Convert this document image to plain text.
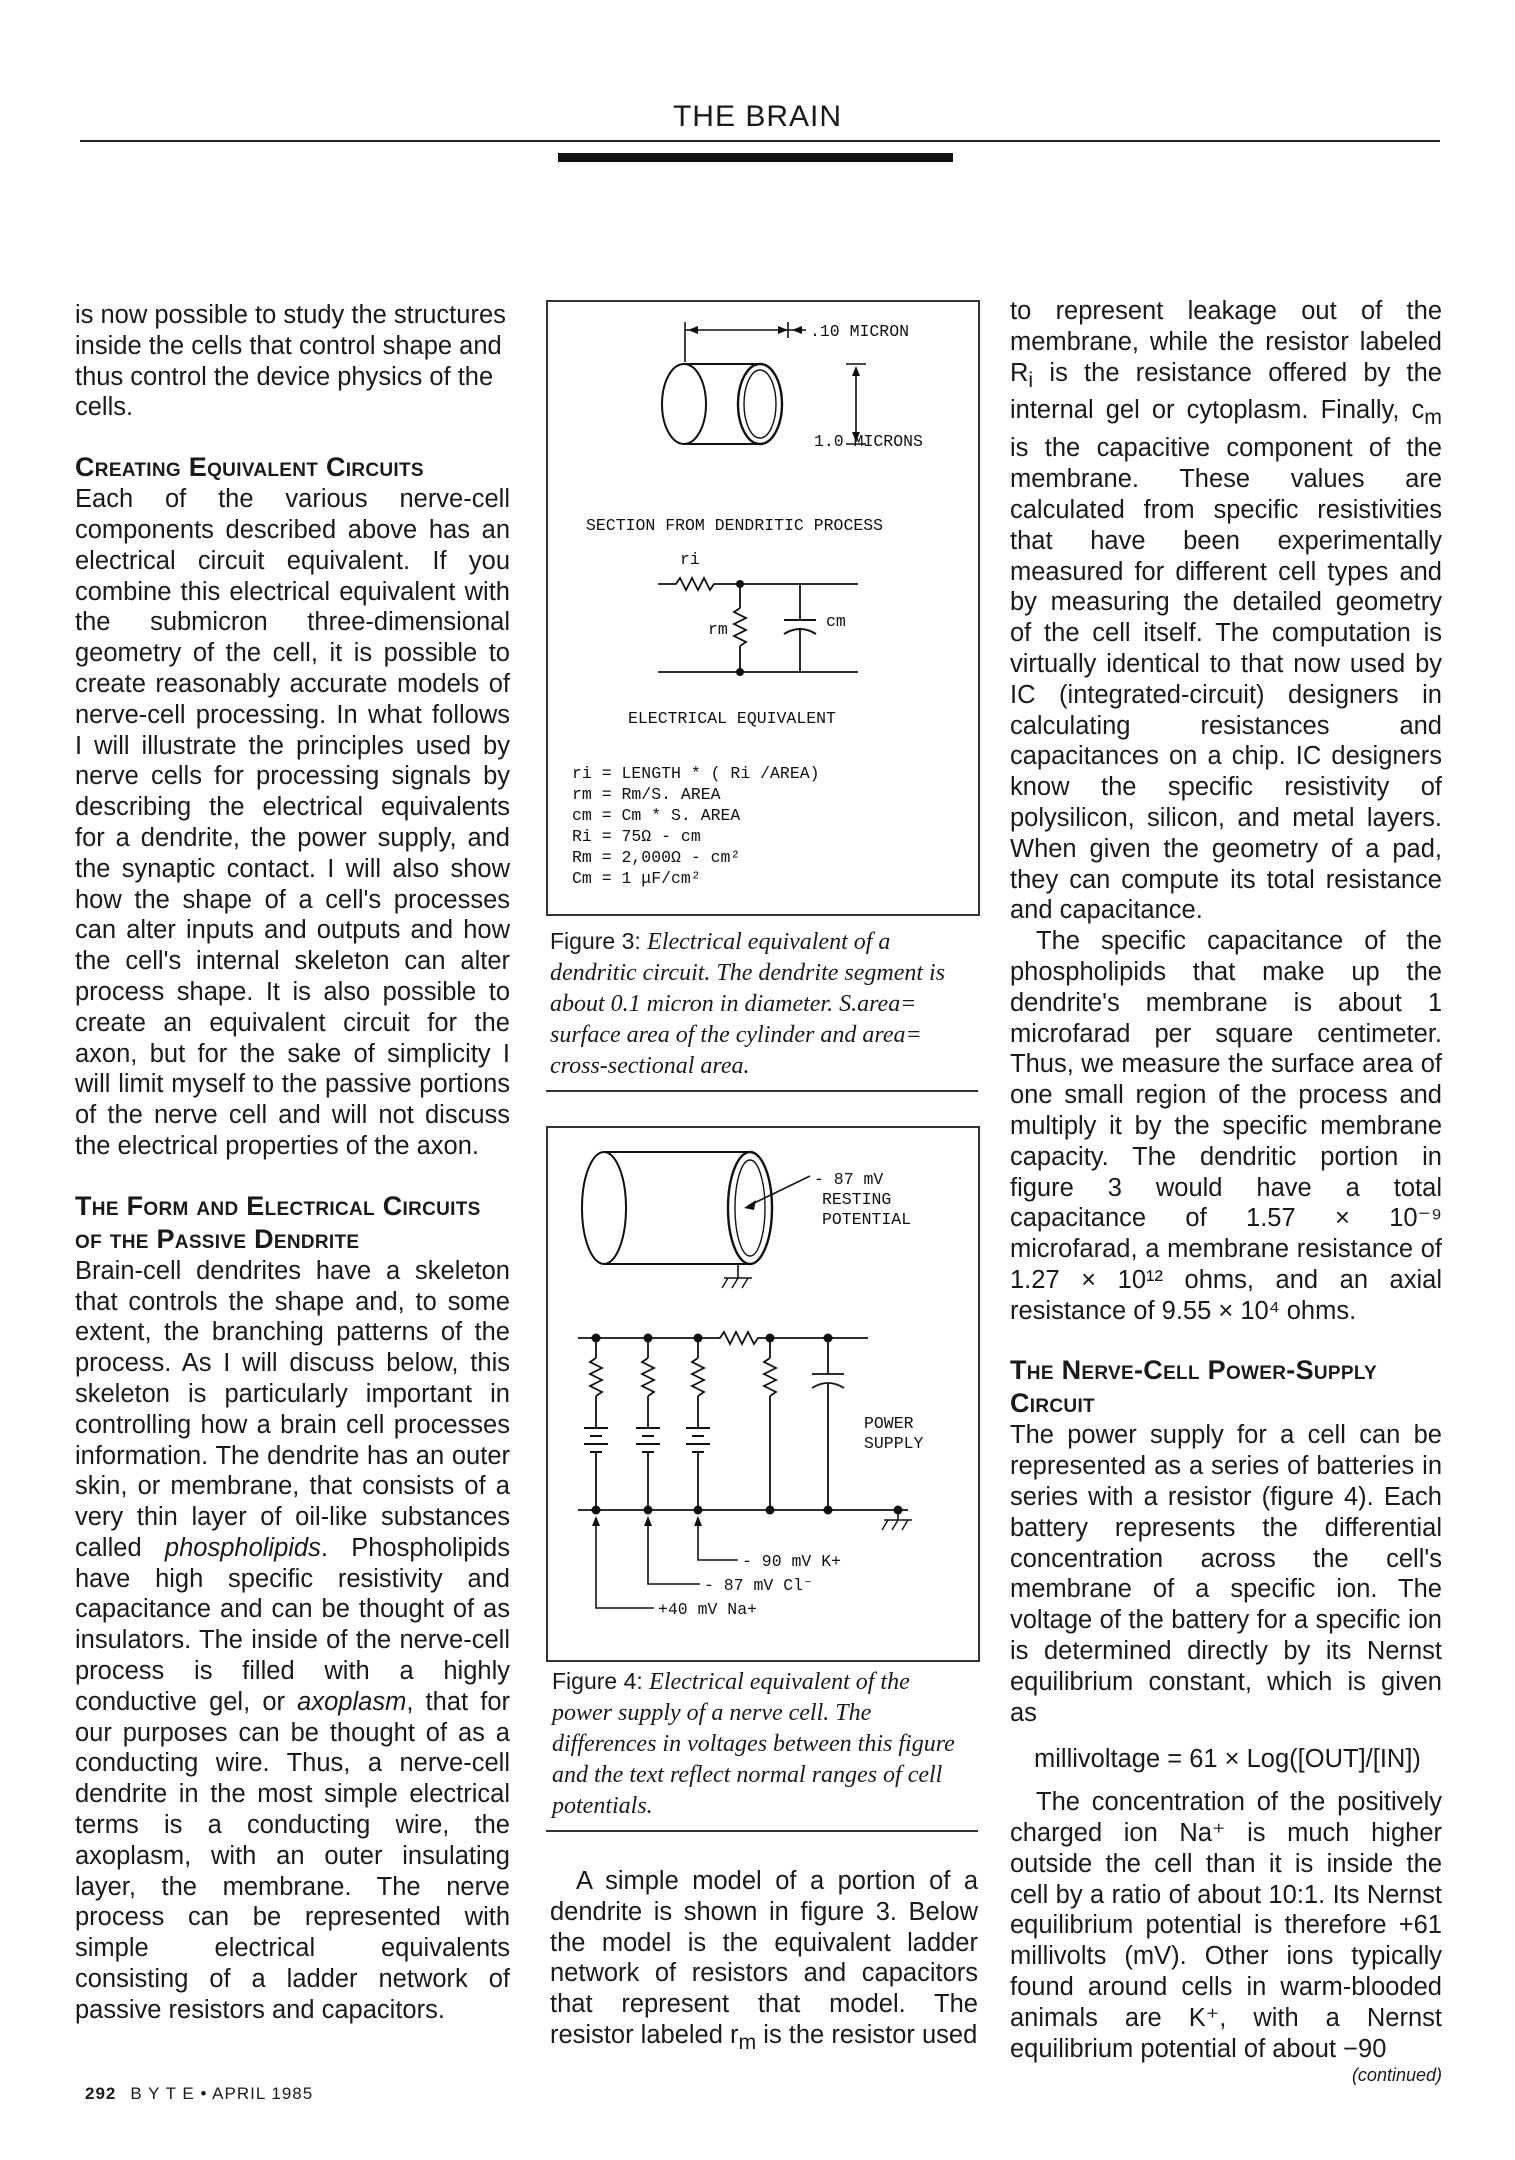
THE BRAIN

is now possible to study the structures inside the cells that control shape and thus control the device physics of the cells.

Creating Equivalent Circuits

Each of the various nerve-cell components described above has an electrical circuit equivalent. If you combine this electrical equivalent with the submicron three-dimensional geometry of the cell, it is possible to create reasonably accurate models of nerve-cell processing. In what follows I will illustrate the principles used by nerve cells for processing signals by describing the electrical equivalents for a dendrite, the power supply, and the synaptic contact. I will also show how the shape of a cell's processes can alter inputs and outputs and how the cell's internal skeleton can alter process shape. It is also possible to create an equivalent circuit for the axon, but for the sake of simplicity I will limit myself to the passive portions of the nerve cell and will not discuss the electrical properties of the axon.

The Form and Electrical Circuits of the Passive Dendrite

Brain-cell dendrites have a skeleton that controls the shape and, to some extent, the branching patterns of the process. As I will discuss below, this skeleton is particularly important in controlling how a brain cell processes information. The dendrite has an outer skin, or membrane, that consists of a very thin layer of oil-like substances called phospholipids. Phospholipids have high specific resistivity and capacitance and can be thought of as insulators. The inside of the nerve-cell process is filled with a highly conductive gel, or axoplasm, that for our purposes can be thought of as a conducting wire. Thus, a nerve-cell dendrite in the most simple electrical terms is a conducting wire, the axoplasm, with an outer insulating layer, the membrane. The nerve process can be represented with simple electrical equivalents consisting of a ladder network of passive resistors and capacitors.

.10 MICRON
1.0 MICRONS
SECTION FROM DENDRITIC PROCESS
ri
rm	cm
ELECTRICAL EQUIVALENT
ri = LENGTH * ( Ri /AREA)
rm = Rm/S. AREA
cm = Cm * S. AREA
Ri = 75Ω - cm
Rm = 2,000Ω - cm²
Cm = 1 μF/cm²
Figure 3: Electrical equivalent of a dendritic circuit. The dendrite segment is about 0.1 micron in diameter. S.area= surface area of the cylinder and area= cross-sectional area.
- 87 mV
RESTING
POTENTIAL
POWER
SUPPLY
- 90 mV K+
- 87 mV Cl⁻
+40 mV Na+
Figure 4: Electrical equivalent of the power supply of a nerve cell. The differences in voltages between this figure and the text reflect normal ranges of cell potentials.

A simple model of a portion of a dendrite is shown in figure 3. Below the model is the equivalent ladder network of resistors and capacitors that represent that model. The resistor labeled $r_m$ is the resistor used

to represent leakage out of the membrane, while the resistor labeled $R_i$ is the resistance offered by the internal gel or cytoplasm. Finally, $c_m$ is the capacitive component of the membrane. These values are calculated from specific resistivities that have been experimentally measured for different cell types and by measuring the detailed geometry of the cell itself. The computation is virtually identical to that now used by IC (integrated-circuit) designers in calculating resistances and capacitances on a chip. IC designers know the specific resistivity of polysilicon, silicon, and metal layers. When given the geometry of a pad, they can compute its total resistance and capacitance.

The specific capacitance of the phospholipids that make up the dendrite's membrane is about 1 microfarad per square centimeter. Thus, we measure the surface area of one small region of the process and multiply it by the specific membrane capacity. The dendritic portion in figure 3 would have a total capacitance of 1.57 × 10⁻⁹ microfarad, a membrane resistance of 1.27 × 10¹² ohms, and an axial resistance of 9.55 × 10⁴ ohms.

The Nerve-Cell Power-Supply Circuit

The power supply for a cell can be represented as a series of batteries in series with a resistor (figure 4). Each battery represents the differential concentration across the cell's membrane of a specific ion. The voltage of the battery for a specific ion is determined directly by its Nernst equilibrium constant, which is given as

millivoltage = 61 × Log([OUT]/[IN])

The concentration of the positively charged ion Na⁺ is much higher outside the cell than it is inside the cell by a ratio of about 10:1. Its Nernst equilibrium potential is therefore +61 millivolts (mV). Other ions typically found around cells in warm-blooded animals are K⁺, with a Nernst equilibrium potential of about −90

(continued)

292 B Y T E • APRIL 1985
